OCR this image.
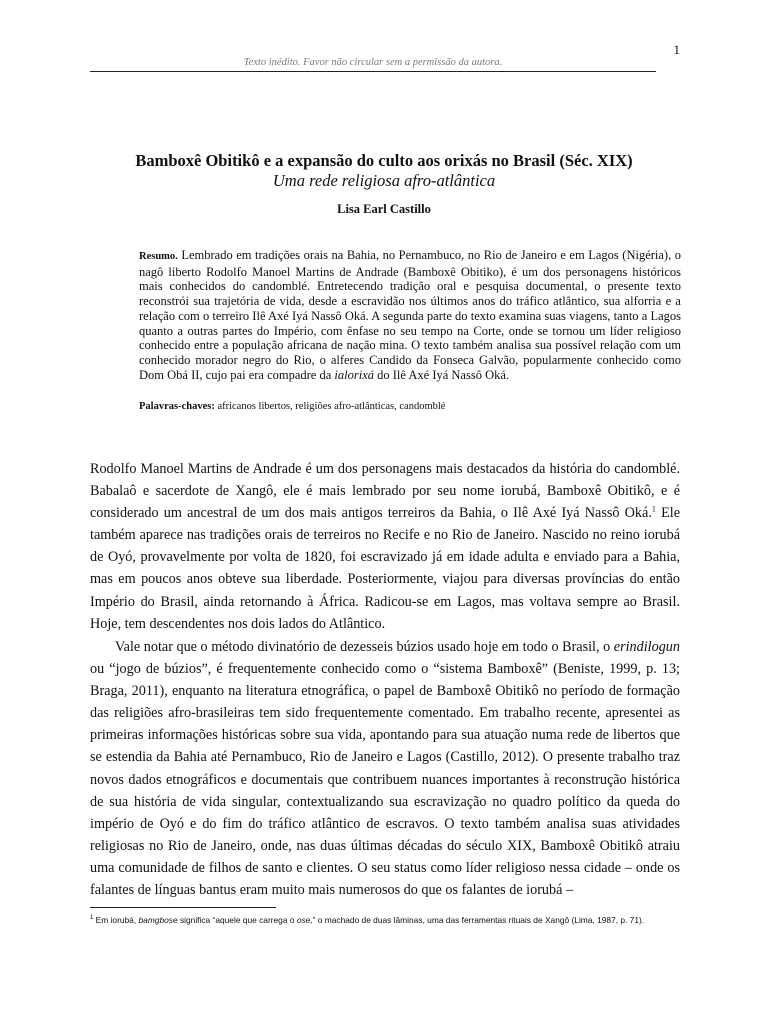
1
Texto inédito. Favor não circular sem a permissão da autora.
Bamboxê Obitikô e a expansão do culto aos orixás no Brasil (Séc. XIX)
Uma rede religiosa afro-atlântica
Lisa Earl Castillo
Resumo. Lembrado em tradições orais na Bahia, no Pernambuco, no Rio de Janeiro e em Lagos (Nigéria), o nagô liberto Rodolfo Manoel Martins de Andrade (Bamboxê Obitiko), é um dos personagens históricos mais conhecidos do candomblé. Entretecendo tradição oral e pesquisa documental, o presente texto reconstrói sua trajetória de vida, desde a escravidão nos últimos anos do tráfico atlântico, sua alforria e a relação com o terreiro Ilê Axé Iyá Nassô Oká. A segunda parte do texto examina suas viagens, tanto a Lagos quanto a outras partes do Império, com ênfase no seu tempo na Corte, onde se tornou um líder religioso conhecido entre a população africana de nação mina. O texto também analisa sua possível relação com um conhecido morador negro do Rio, o alferes Candido da Fonseca Galvão, popularmente conhecido como Dom Obá II, cujo pai era compadre da ialorixá do Ilê Axé Iyá Nassô Oká.
Palavras-chaves: africanos libertos, religiões afro-atlânticas, candomblé

Rodolfo Manoel Martins de Andrade é um dos personagens mais destacados da história do candomblé. Babalaô e sacerdote de Xangô, ele é mais lembrado por seu nome iorubá, Bamboxê Obitikô, e é considerado um ancestral de um dos mais antigos terreiros da Bahia, o Ilê Axé Iyá Nassô Oká.$^1$ Ele também aparece nas tradições orais de terreiros no Recife e no Rio de Janeiro. Nascido no reino iorubá de Oyó, provavelmente por volta de 1820, foi escravizado já em idade adulta e enviado para a Bahia, mas em poucos anos obteve sua liberdade. Posteriormente, viajou para diversas províncias do então Império do Brasil, ainda retornando à África. Radicou-se em Lagos, mas voltava sempre ao Brasil. Hoje, tem descendentes nos dois lados do Atlântico.

Vale notar que o método divinatório de dezesseis búzios usado hoje em todo o Brasil, o erindilogun ou “jogo de búzios”, é frequentemente conhecido como o “sistema Bamboxê” (Beniste, 1999, p. 13; Braga, 2011), enquanto na literatura etnográfica, o papel de Bamboxê Obitikô no período de formação das religiões afro-brasileiras tem sido frequentemente comentado. Em trabalho recente, apresentei as primeiras informações históricas sobre sua vida, apontando para sua atuação numa rede de libertos que se estendia da Bahia até Pernambuco, Rio de Janeiro e Lagos (Castillo, 2012). O presente trabalho traz novos dados etnográficos e documentais que contribuem nuances importantes à reconstrução histórica de sua história de vida singular, contextualizando sua escravização no quadro político da queda do império de Oyó e do fim do tráfico atlântico de escravos. O texto também analisa suas atividades religiosas no Rio de Janeiro, onde, nas duas últimas décadas do século XIX, Bamboxê Obitikô atraiu uma comunidade de filhos de santo e clientes. O seu status como líder religioso nessa cidade – onde os falantes de línguas bantus eram muito mais numerosos do que os falantes de iorubá –

$^1$ Em iorubá, bamgbose significa “aquele que carrega o ose,” o machado de duas lâminas, uma das ferramentas rituais de Xangô (Lima, 1987, p. 71).
